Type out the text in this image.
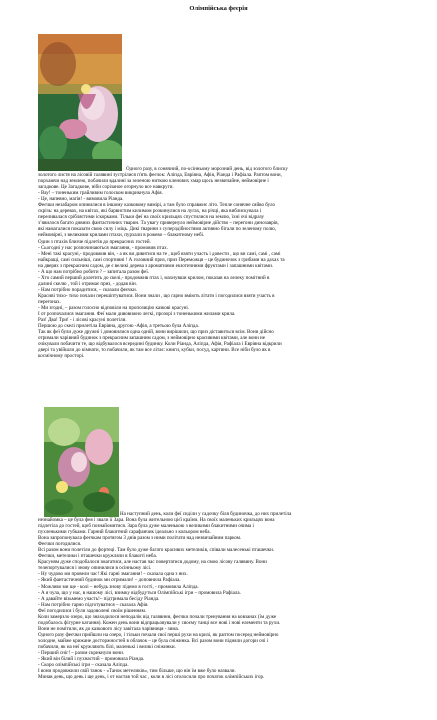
Олімпійська феєрія
Одного разу, в сонячний, по-осінньому морозний день, від золотого блиску

золотого листя на лісовій галявині зустрілися п'ять феєчок: Аліпда, Евріяна, Афія, Ріанда і Рафіала. Раптом вони,

порхаючи над землею, побачили вдалині за зеленою ниткою кленових хмар щось незвичайне, неймовірне і

загадкове. Це Загадкове, ніби сорізаное огорнуло все навкруги.

- Вау! – тоненьким грайливим голоском викрикнула Афія.

- Це, напевно, магія! - вимовила Ріанда.

Феєчки незабаром опинилися в іншому казковому вимірі, а там було справжнє літо. Тепле сонячне сяйво було

скрізь: на деревах, на квітах, які барвистим килимом розкинулися на лугах, на річці, яка виблискувала і

переливалася сріблястими іскорками. Тільки феї на своїх крильцях спустилися на землю, їхні очі відразу

зʼявилося багато дивних фантастичних тварин. Та увагу привернуло неймовірне дійство – перегони динозаврів,

які намагалися показати свою силу і міць. Дикі тварини з суперздібностями активно бігали по зеленому полю,

неймовірні, з великими крилами птахи, пурхали в рожево – блакитному небі.

Один з птахів близче підлетів до прекрасних гостей.

- Сьогодні у нас розпочинаються змагання, - промовив птах.

- Мені такі красуні,- продовжив він, - а як ви дивитися на те , щоб взяти участь і довести , що ви самі, самі , самі

найкращі, самі сильніші, самі спортивні ! А головний приз, приз Переможця – це будиночок з грибами на дахах та

на дверях з прекрасним садом, де є великі дерева з ароматними екзотичними фруктами і запашними квітами.

- А що нам потрібно робити ? – запитала разом феї.

- Хто самий перший долетить до скелі,- продовжив птах і, махнувши крилом, показав на лелеку помітний в

далині скелю , той і отримає приз, - додав він.

- Нам потрібно порадитися, – сказали феєчки.

Красиві тихо- тихо почали перешіптуватися. Вони знали , що гарно вміють літати і погодилися взяти участь в

перегонах.

- Ми згодні, – разом голосно відповіли на пропозицію казкові красуні.

І от розпочалися змагання. Феї мали дивовижно легкі, прозорі з тоненькими жилами крила.

Раз! Два! Три! - і лісові красуні полетіли.

Першою до скелі прилетіла Евріяна, другою -Афія, а третьою була Аліпда.

Так як феї були дуже дружні і домовилися одна одній, вони вирішили, що приз діставиться всім. Вони дійсно

отримали чарівний будинок з прекрасним запашним садом, з неймовірно красивими квітами, але вони не

очікували побачити те, що відбувалося всередині будинку. Коли Ріанда, Аліпда, Афія, Рафіала і Евріяна відкрили

двері та увійшли до кімнати, то побачили, як там все літає: книги, кубки, посуд, картини. Все ніби було як в

космічному просторі.

На наступний день, коли феї сиділи у садочку біля будиночка, до них прилетіла

незнайомка – це була фея і звали її Зара. Вона була жительною цієї країни. На своїх маленьких крильцях вона

підлетіла до гостей, щоб познайомитися. Зара була дуже маленькою з великими блакитними очима і

пухленькими губками. Гарний блакитний сарафанчик ідеально з кольором неба.

Вона запропонувала феєчкам протягом 3 днів разом з ними політати над незвичайним парком.

Феєчки погодилися.

Всі разом вони полетіли до фортеці. Там було дуже багато красивих метеликів, співали малесенькі пташечки.

Феєчки, метелики і пташечки кружляли в блакиті неба.

Красуням дуже сподобалося змагатися, але настав час повертатися додому, на свою лісову галявину. Вони

телепортувалися і знову опинилися в осінньому лісі.

- Ну чудово ми провели час! Які гарні змагання! – сказала одна з них.

- Який фантастичний будинок ми отримали! – доповнила Рафіала.

- Можливо ми ще - колі – небудь знову підемо в гості, - промовила Аліпда.

- А я чула, що у нас, в нашому лісі, взимку відбудуться Олімпійські ігри – промовила Рафіала.

- А давайте візьмемо участь!– підтримала бесіду Ріанда.

- Нам потрібно гарно підготуватися – сказала Афія.

Феї погодилися і були задоволені своїм рішенням.

Коли замерзло озеро, що знаходилося неподалік від галявини, феєчки почали тренування на ковзанах (їм дуже

подобалось фігурне катання). Кожен день вони відпрацьовували у своєму танці все нові і нові елементи та рухи.

Вони не помітили, як до казкового лісу завітала чарівниця - зима.

Одного разу феєчки прийшли на озеро, і тільки почали свої перші рухи на кризі, як раптом посеред неймовірно

холодне, майже крижане досторжностей в облачок – це була сніжинка. Всі разом вони підняли догори очі і

побачили, як на неї кружляють білі, маленькі і великі сніжинки.

- Перший сніг! – разом скрикнули вони.

- Який він білий і пухнастий – промовила Ріанда.

- Скоро олімпійські ігри – сказала Аліпда.

І вони продовжили свій танок - «Танок метеликів», тим більше, що він їм вже було назвали.

Минав день, що день і ще день, і от настав той час , коли в лісі оголосили про початок олімпійських ігор.
